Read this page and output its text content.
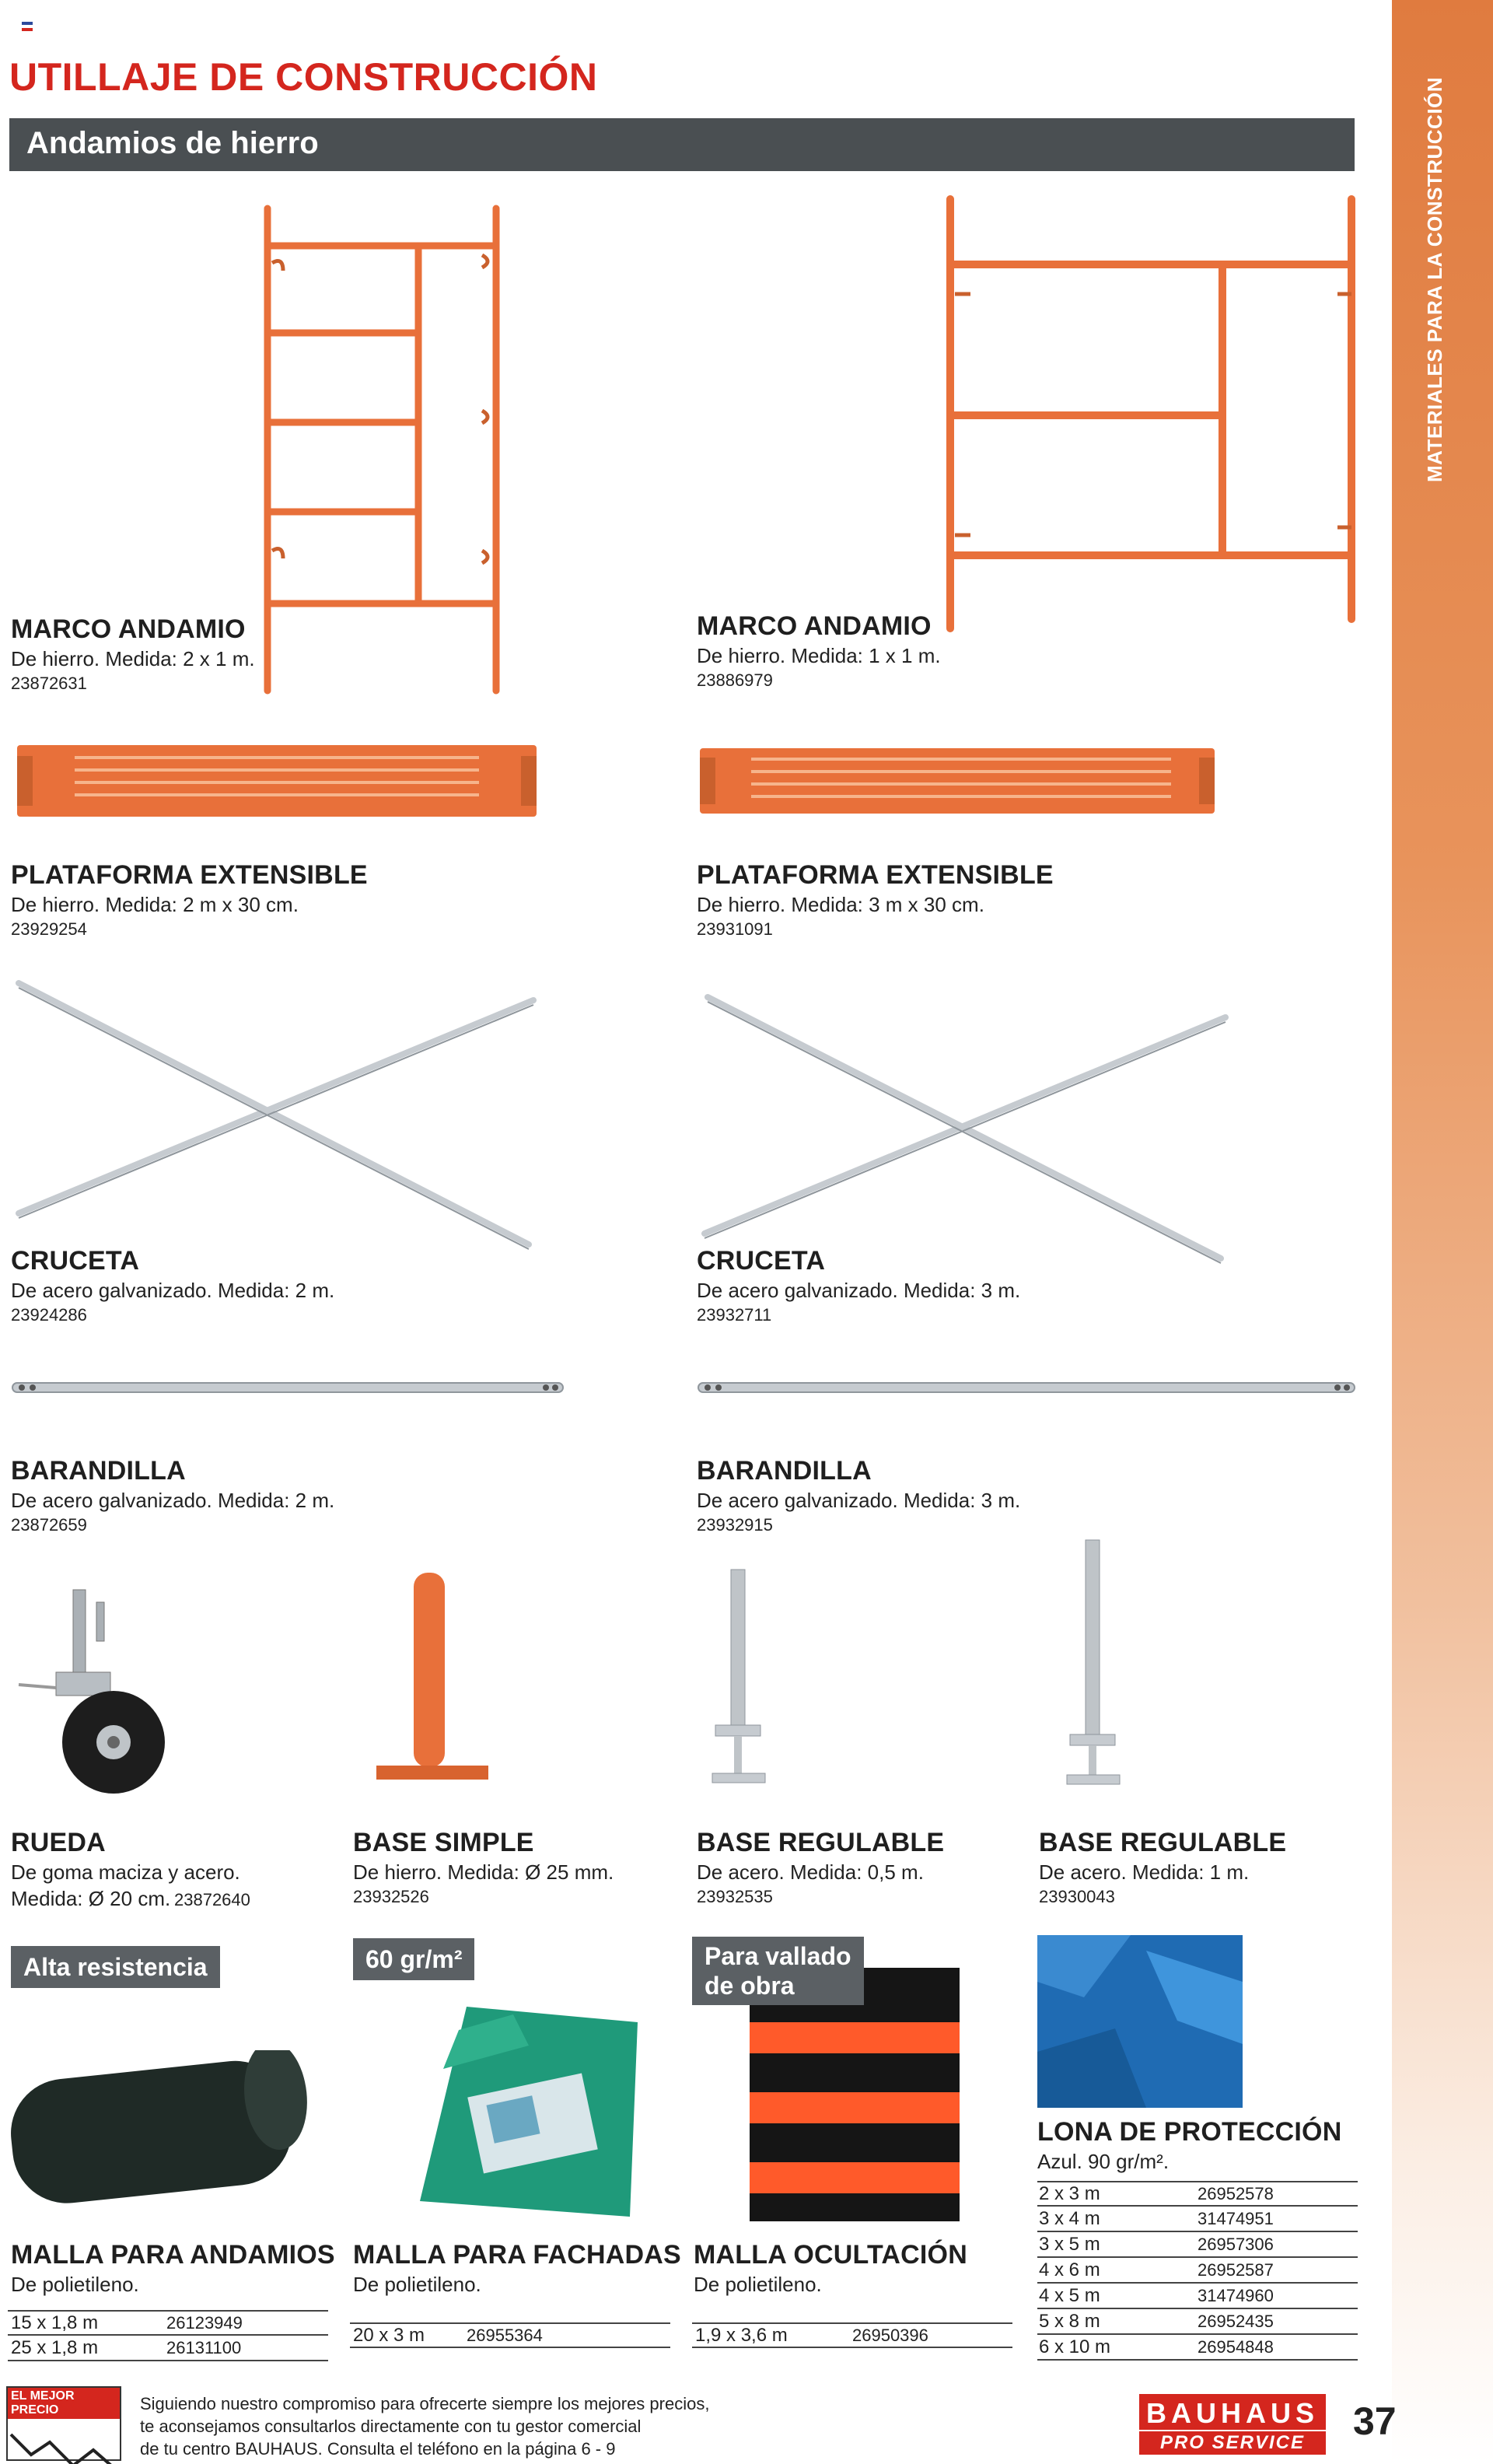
MATERIALES PARA LA CONSTRUCCIÓN
UTILLAJE DE CONSTRUCCIÓN
Andamios de hierro
MARCO ANDAMIO
De hierro. Medida: 2 x 1 m.
23872631
MARCO ANDAMIO
De hierro. Medida: 1 x 1 m.
23886979
PLATAFORMA EXTENSIBLE
De hierro. Medida: 2 m x 30 cm.
23929254
PLATAFORMA EXTENSIBLE
De hierro. Medida: 3 m x 30 cm.
23931091
CRUCETA
De acero galvanizado. Medida: 2 m.
23924286
CRUCETA
De acero galvanizado. Medida: 3 m.
23932711
BARANDILLA
De acero galvanizado. Medida: 2 m.
23872659
BARANDILLA
De acero galvanizado. Medida: 3 m.
23932915
RUEDA
De goma maciza y acero.
Medida: Ø 20 cm. 23872640
BASE SIMPLE
De hierro. Medida: Ø 25 mm.
23932526
BASE REGULABLE
De acero. Medida: 0,5 m.
23932535
BASE REGULABLE
De acero. Medida: 1 m.
23930043
Alta resistencia
MALLA PARA ANDAMIOS
De polietileno.
15 x 1,8 m	26123949
25 x 1,8 m	26131100
60 gr/m²
MALLA PARA FACHADAS
De polietileno.
20 x 3 m	26955364
Para vallado
de obra
MALLA OCULTACIÓN
De polietileno.
1,9 x 3,6 m	26950396
LONA DE PROTECCIÓN
Azul. 90 gr/m².
2 x 3 m	26952578
3 x 4 m	31474951
3 x 5 m	26957306
4 x 6 m	26952587
4 x 5 m	31474960
5 x 8 m	26952435
6 x 10 m	26954848
EL MEJOR PRECIO	Siguiendo nuestro compromiso para ofrecerte siempre los mejores precios,
te aconsejamos consultarlos directamente con tu gestor comercial
de tu centro BAUHAUS. Consulta el teléfono en la página 6 - 9
BAUHAUS
PRO SERVICE	37
